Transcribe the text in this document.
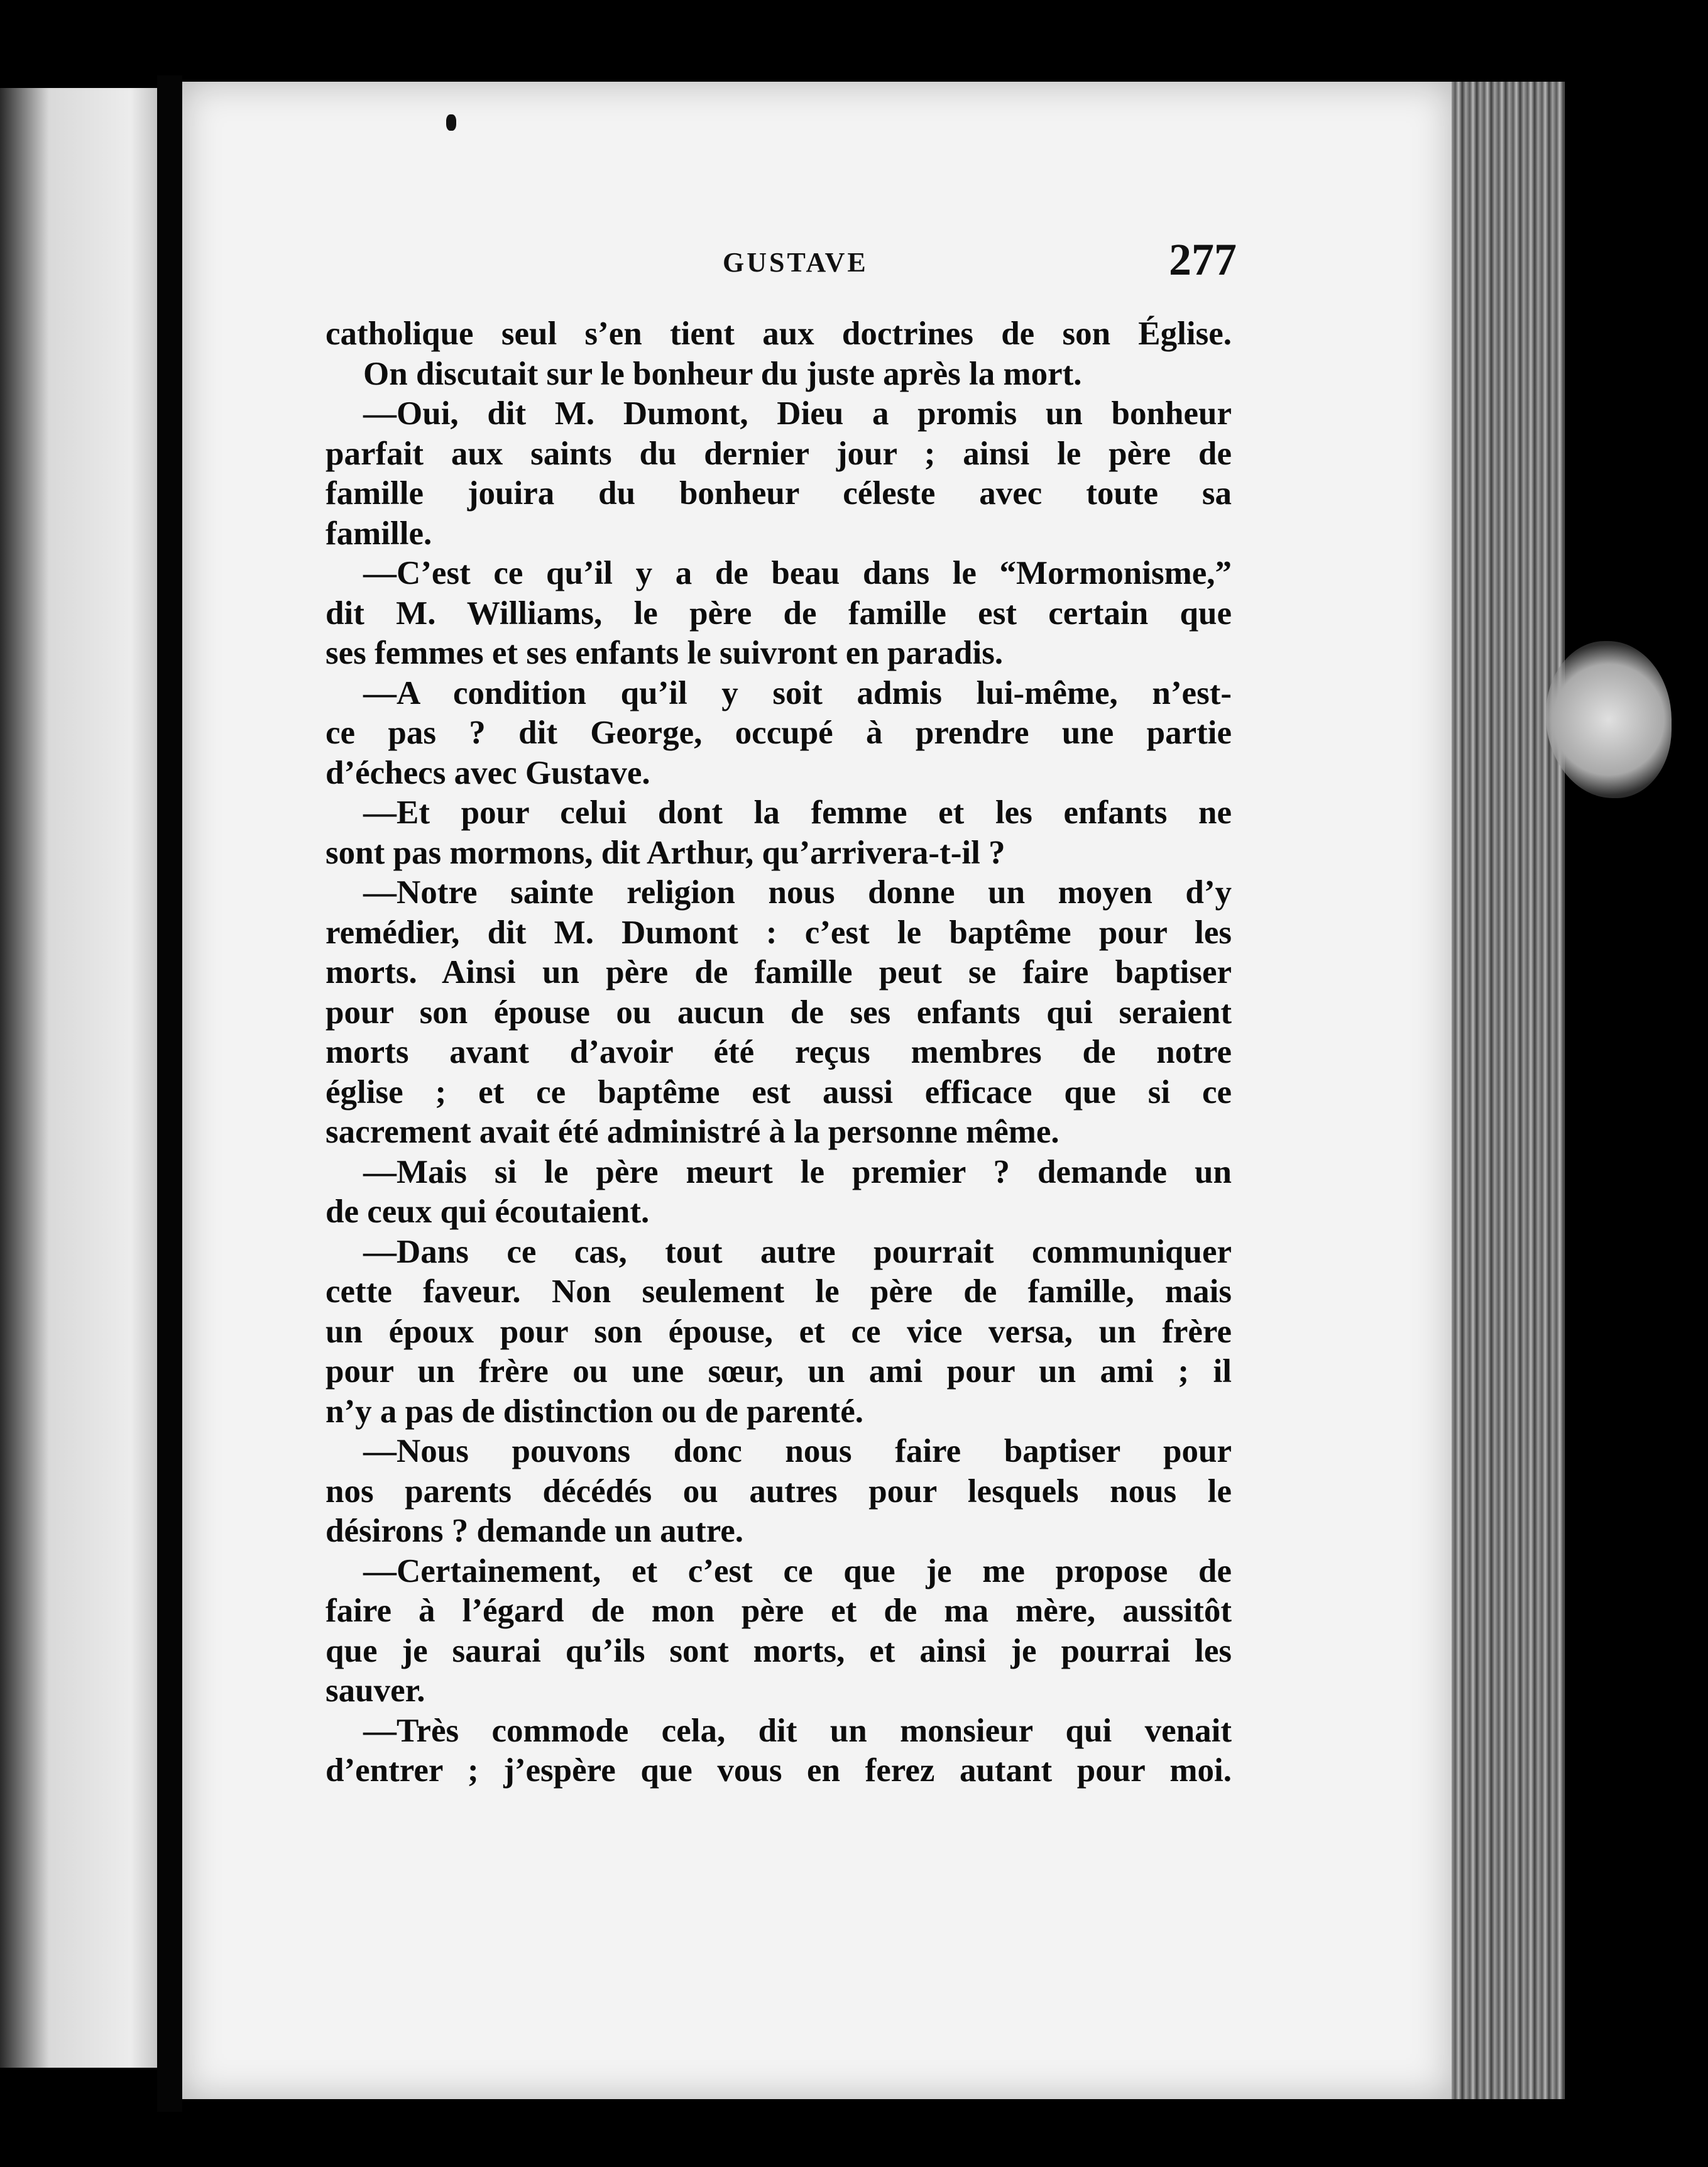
GUSTAVE	277
catholique seul s’en tient aux doctrines de son Église.
On discutait sur le bonheur du juste après la mort.
—Oui, dit M. Dumont, Dieu a promis un bonheur
parfait aux saints du dernier jour ; ainsi le père de
famille jouira du bonheur céleste avec toute sa
famille.
—C’est ce qu’il y a de beau dans le “Mormonisme,”
dit M. Williams, le père de famille est certain que
ses femmes et ses enfants le suivront en paradis.
—A condition qu’il y soit admis lui-même, n’est-
ce pas ? dit George, occupé à prendre une partie
d’échecs avec Gustave.
—Et pour celui dont la femme et les enfants ne
sont pas mormons, dit Arthur, qu’arrivera-t-il ?
—Notre sainte religion nous donne un moyen d’y
remédier, dit M. Dumont : c’est le baptême pour les
morts. Ainsi un père de famille peut se faire baptiser
pour son épouse ou aucun de ses enfants qui seraient
morts avant d’avoir été reçus membres de notre
église ; et ce baptême est aussi efficace que si ce
sacrement avait été administré à la personne même.
—Mais si le père meurt le premier ? demande un
de ceux qui écoutaient.
—Dans ce cas, tout autre pourrait communiquer
cette faveur. Non seulement le père de famille, mais
un époux pour son épouse, et ce vice versa, un frère
pour un frère ou une sœur, un ami pour un ami ; il
n’y a pas de distinction ou de parenté.
—Nous pouvons donc nous faire baptiser pour
nos parents décédés ou autres pour lesquels nous le
désirons ? demande un autre.
—Certainement, et c’est ce que je me propose de
faire à l’égard de mon père et de ma mère, aussitôt
que je saurai qu’ils sont morts, et ainsi je pourrai les
sauver.
—Très commode cela, dit un monsieur qui venait
d’entrer ; j’espère que vous en ferez autant pour moi.
